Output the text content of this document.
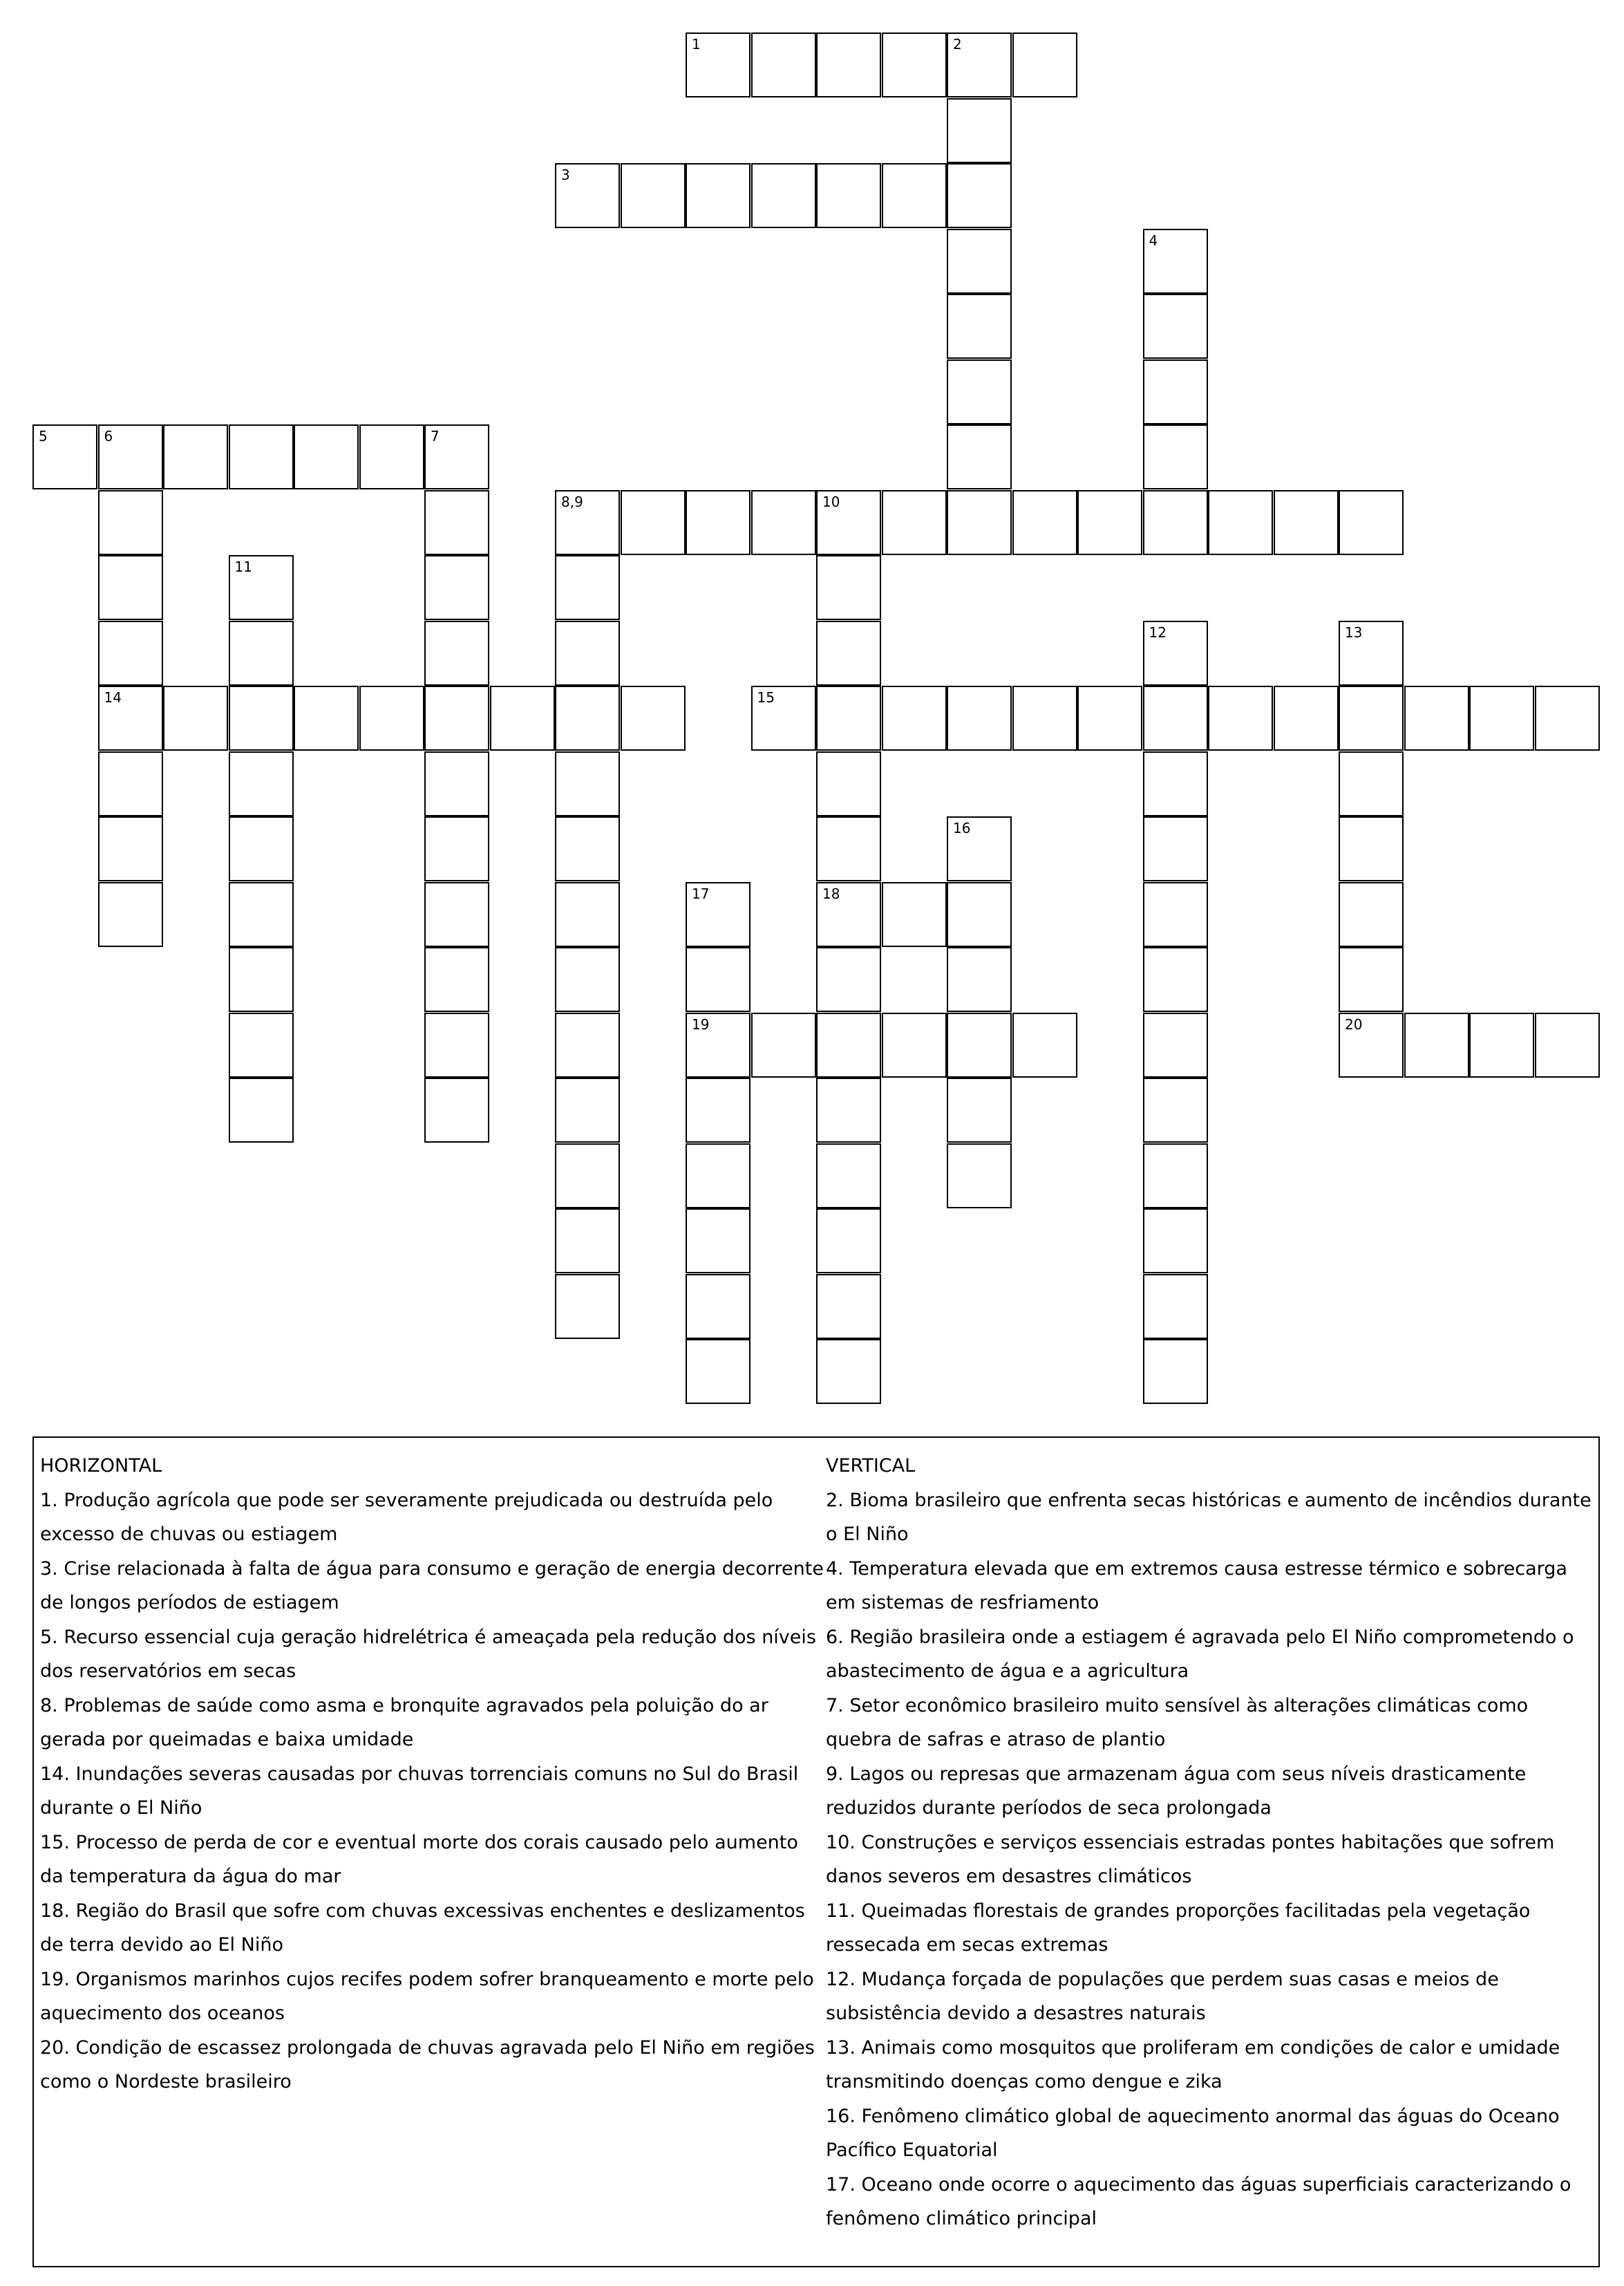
1	2
3
4
5	6	7
14
8,9	10
18
11
12	13
20
15
16
17
19
HORIZONTAL
1. Produção agrícola que pode ser severamente prejudicada ou destruída pelo excesso de chuvas ou estiagem
3. Crise relacionada à falta de água para consumo e geração de energia decorrente de longos períodos de estiagem
5. Recurso essencial cuja geração hidrelétrica é ameaçada pela redução dos níveis dos reservatórios em secas
8. Problemas de saúde como asma e bronquite agravados pela poluição do ar gerada por queimadas e baixa umidade
14. Inundações severas causadas por chuvas torrenciais comuns no Sul do Brasil durante o El Niño
15. Processo de perda de cor e eventual morte dos corais causado pelo aumento da temperatura da água do mar
18. Região do Brasil que sofre com chuvas excessivas enchentes e deslizamentos de terra devido ao El Niño
19. Organismos marinhos cujos recifes podem sofrer branqueamento e morte pelo aquecimento dos oceanos
20. Condição de escassez prolongada de chuvas agravada pelo El Niño em regiões como o Nordeste brasileiro
VERTICAL
2. Bioma brasileiro que enfrenta secas históricas e aumento de incêndios durante o El Niño
4. Temperatura elevada que em extremos causa estresse térmico e sobrecarga em sistemas de resfriamento
6. Região brasileira onde a estiagem é agravada pelo El Niño comprometendo o abastecimento de água e a agricultura
7. Setor econômico brasileiro muito sensível às alterações climáticas como quebra de safras e atraso de plantio
9. Lagos ou represas que armazenam água com seus níveis drasticamente reduzidos durante períodos de seca prolongada
10. Construções e serviços essenciais estradas pontes habitações que sofrem danos severos em desastres climáticos
11. Queimadas florestais de grandes proporções facilitadas pela vegetação ressecada em secas extremas
12. Mudança forçada de populações que perdem suas casas e meios de subsistência devido a desastres naturais
13. Animais como mosquitos que proliferam em condições de calor e umidade transmitindo doenças como dengue e zika
16. Fenômeno climático global de aquecimento anormal das águas do Oceano Pacífico Equatorial
17. Oceano onde ocorre o aquecimento das águas superficiais caracterizando o fenômeno climático principal
